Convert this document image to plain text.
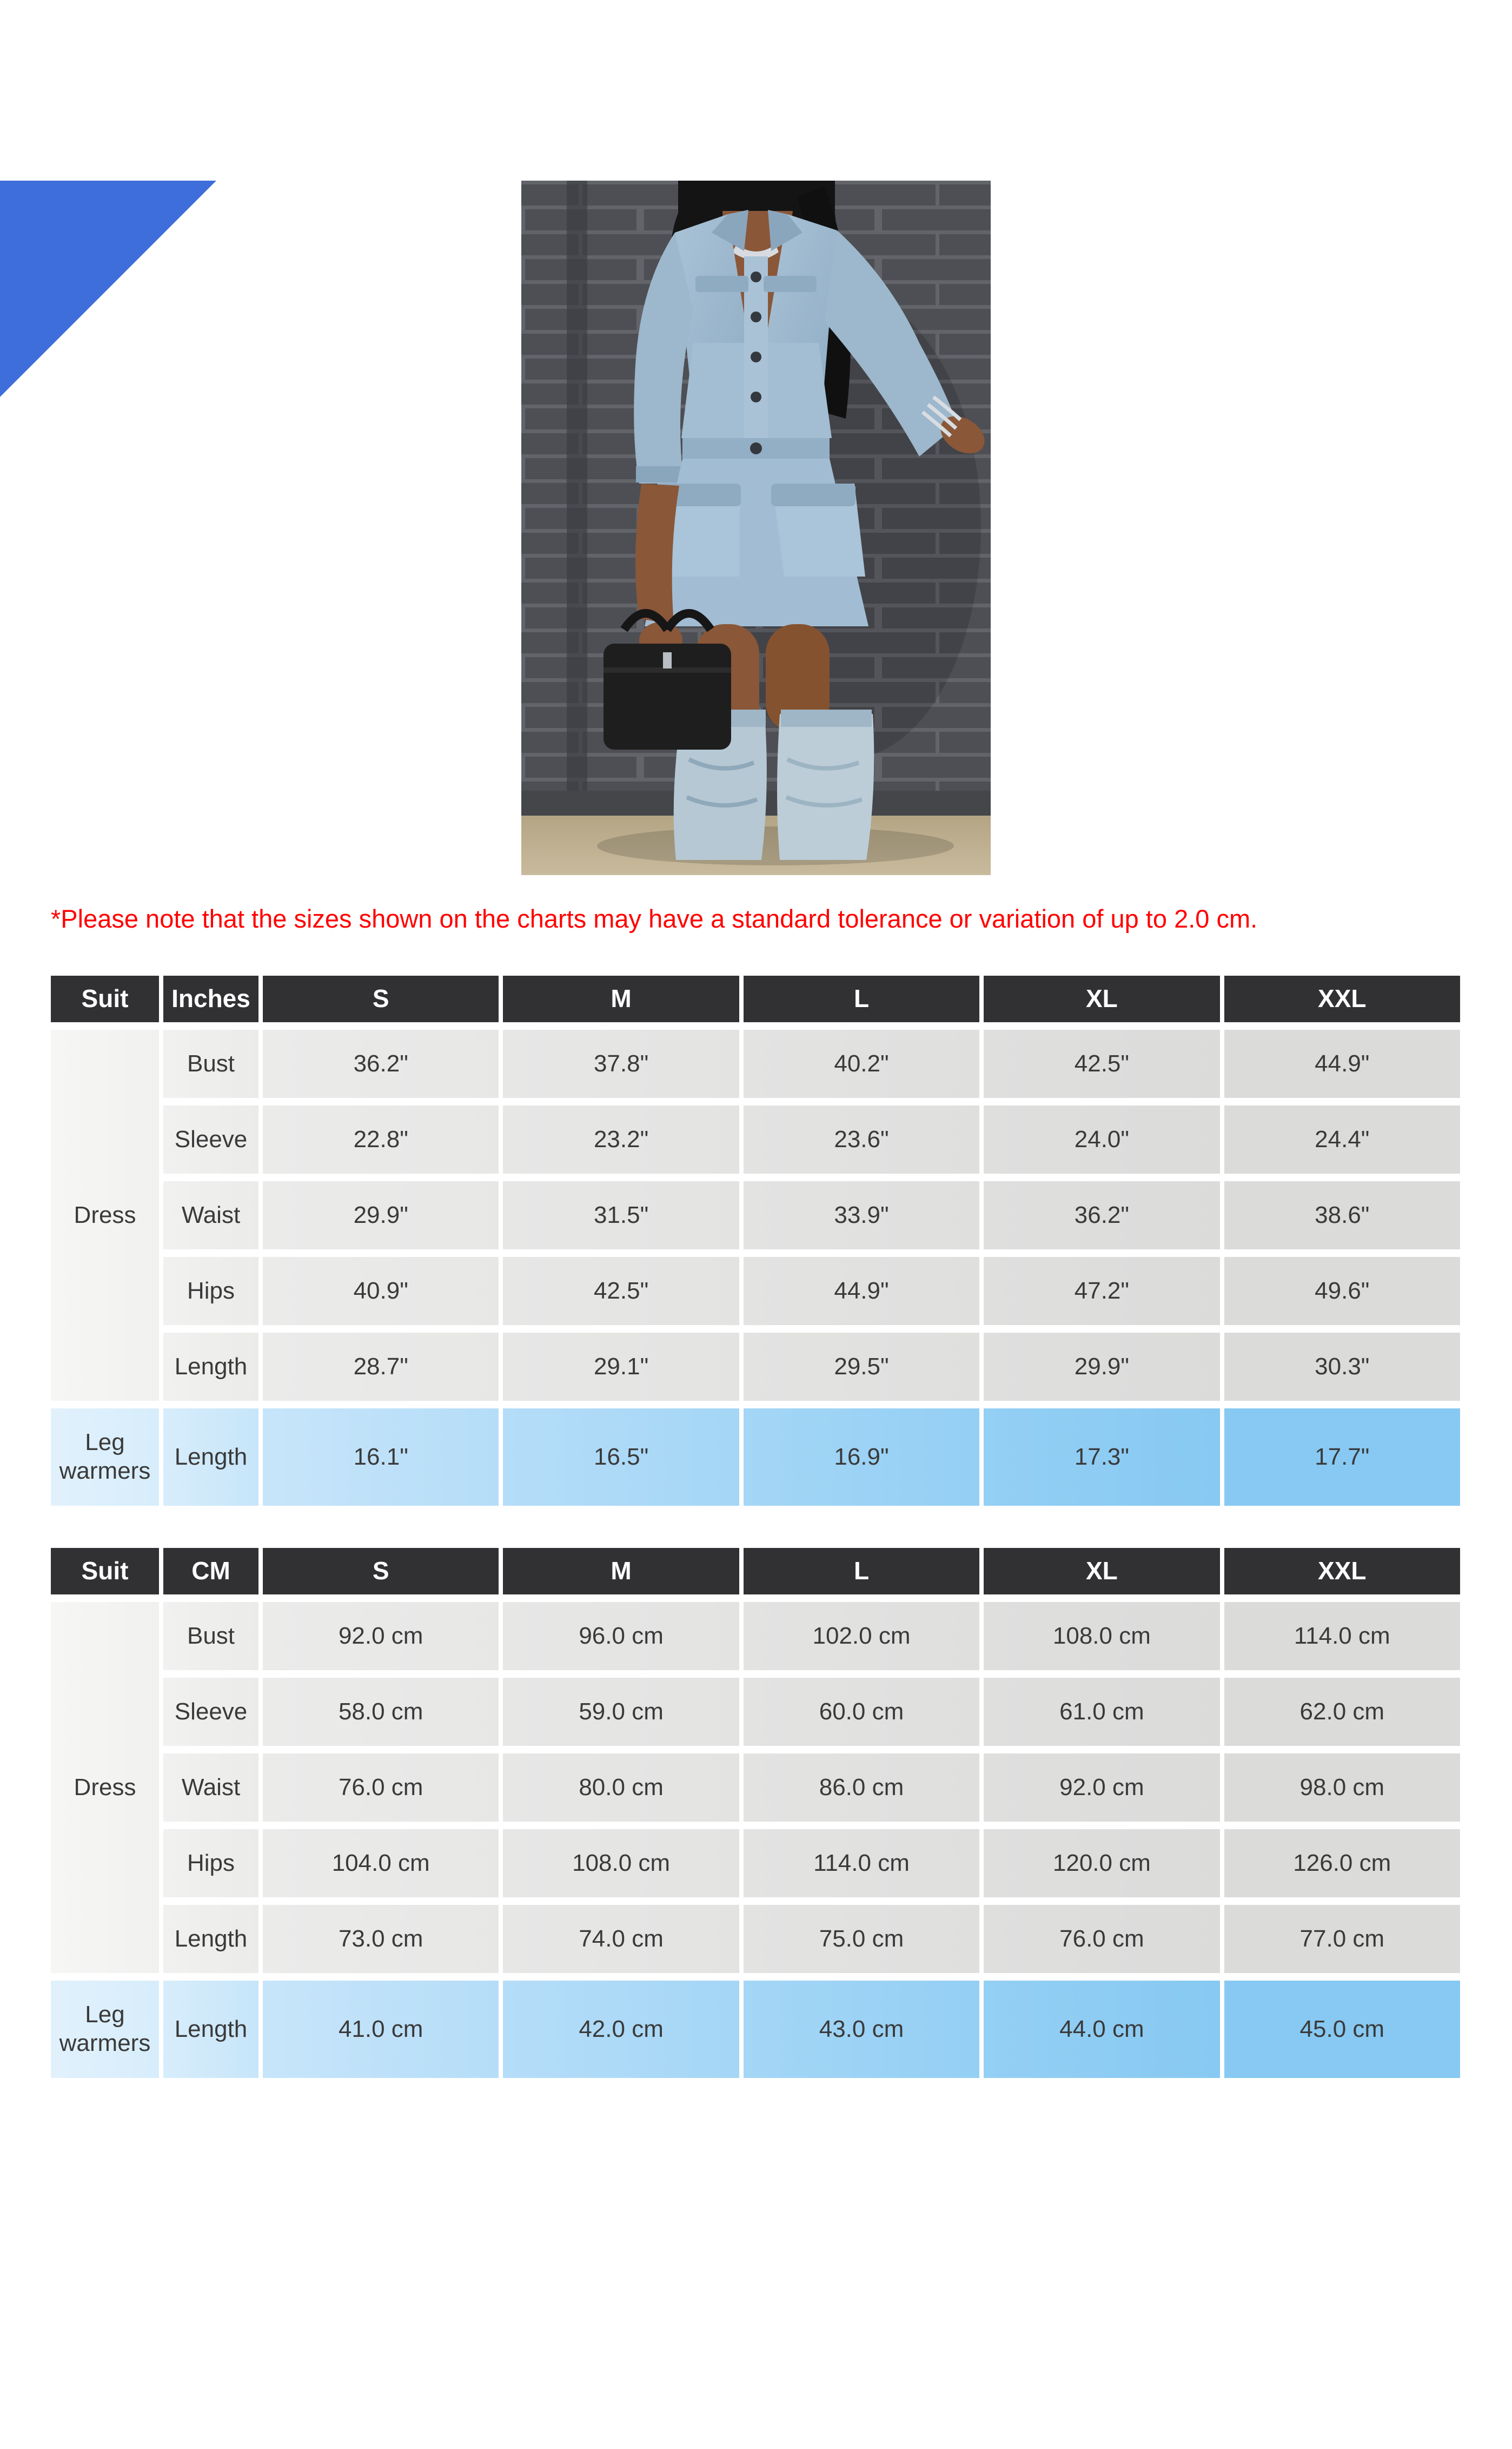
SIZE CHART

*Please note that the sizes shown on the charts may have a standard tolerance or variation of up to 2.0 cm.

Suit	Inches	S	M	L	XL	XXL
Dress
Bust	36.2"	37.8"	40.2"	42.5"	44.9"
Sleeve	22.8"	23.2"	23.6"	24.0"	24.4"
Waist	29.9"	31.5"	33.9"	36.2"	38.6"
Hips	40.9"	42.5"	44.9"	47.2"	49.6"
Length	28.7"	29.1"	29.5"	29.9"	30.3"
Leg warmers
Length	16.1"	16.5"	16.9"	17.3"	17.7"
Suit	CM	S	M	L	XL	XXL
Dress
Bust	92.0 cm	96.0 cm	102.0 cm	108.0 cm	114.0 cm
Sleeve	58.0 cm	59.0 cm	60.0 cm	61.0 cm	62.0 cm
Waist	76.0 cm	80.0 cm	86.0 cm	92.0 cm	98.0 cm
Hips	104.0 cm	108.0 cm	114.0 cm	120.0 cm	126.0 cm
Length	73.0 cm	74.0 cm	75.0 cm	76.0 cm	77.0 cm
Leg warmers
Length	41.0 cm	42.0 cm	43.0 cm	44.0 cm	45.0 cm
